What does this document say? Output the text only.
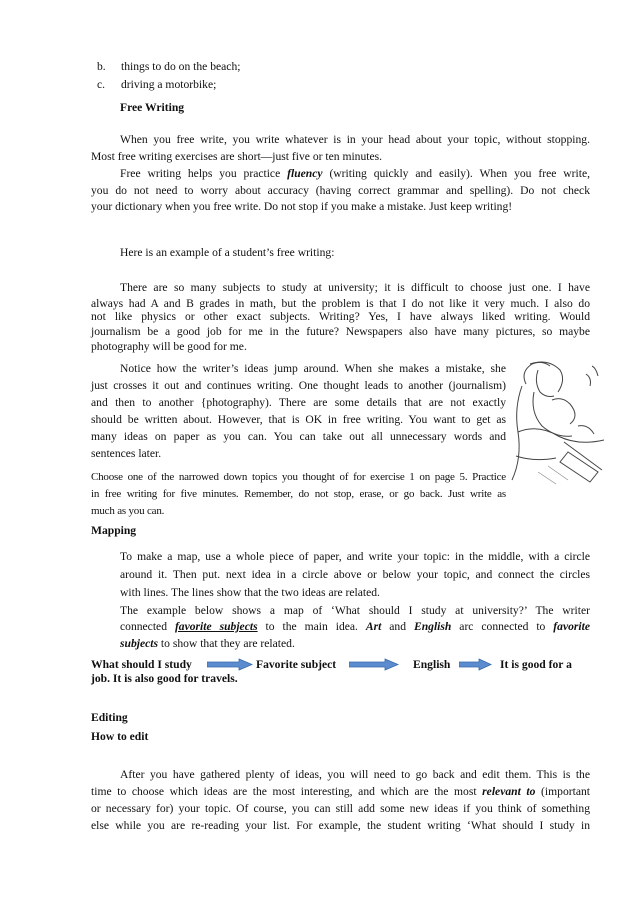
b. things to do on the beach;
c. driving a motorbike;
Free Writing
When you free write, you write whatever is in your head about your topic, without stopping.
Most free writing exercises are short—just five or ten minutes.
Free writing helps you practice fluency (writing quickly and easily). When you free write,
you do not need to worry about accuracy (having correct grammar and spelling). Do not check
your dictionary when you free write. Do not stop if you make a mistake. Just keep writing!
Here is an example of a student’s free writing:
There are so many subjects to study at university; it is difficult to choose just one. I have
always had A and B grades in math, but the problem is that I do not like it very much. I also do
not like physics or other exact subjects. Writing? Yes, I have always liked writing. Would
journalism be a good job for me in the future? Newspapers also have many pictures, so maybe
photography will be good for me.
Notice how the writer’s ideas jump around. When she makes a mistake, she
just crosses it out and continues writing. One thought leads to another (journalism)
and then to another {photography). There are some details that are not exactly
should be written about. However, that is OK in free writing. You want to get as
many ideas on paper as you can. You can take out all unnecessary words and
sentences later.
Choose one of the narrowed down topics you thought of for exercise 1 on page 5. Practice
in free writing for five minutes. Remember, do not stop, erase, or go back. Just write as
much as you can.
Mapping
To make a map, use a whole piece of paper, and write your topic: in the middle, with a circle
around it. Then put. next idea in a circle above or below your topic, and connect the circles
with lines. The lines show that the two ideas are related.
The example below shows a map of ‘What should I study at university?’ The writer
connected favorite subjects to the main idea. Art and English arc connected to favorite
subjects to show that they are related.
What should I study	Favorite subject	English	It is good for a
job. It is also good for travels.
Editing
How to edit
After you have gathered plenty of ideas, you will need to go back and edit them. This is the
time to choose which ideas are the most interesting, and which are the most relevant to (important
or necessary for) your topic. Of course, you can still add some new ideas if you think of something
else while you are re-reading your list. For example, the student writing ‘What should I study in
